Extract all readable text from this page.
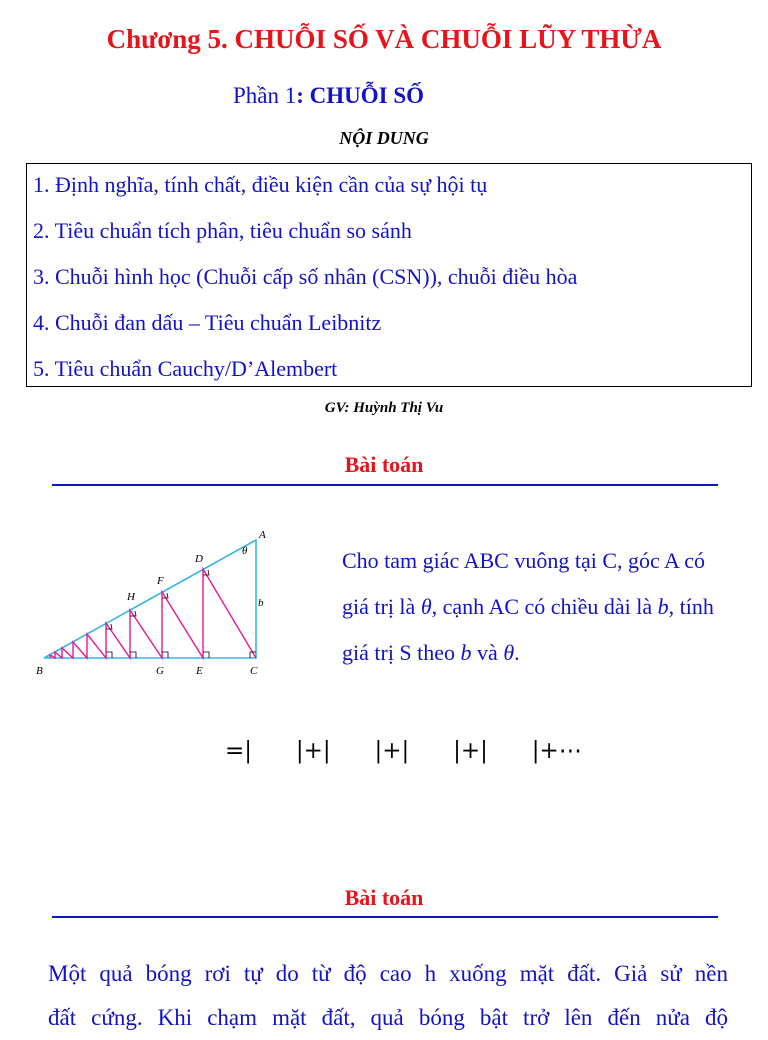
Chương 5. CHUỖI SỐ VÀ CHUỖI LŨY THỪA
Phần 1: CHUỖI SỐ
NỘI DUNG
1. Định nghĩa, tính chất, điều kiện cần của sự hội tụ
2. Tiêu chuẩn tích phân, tiêu chuẩn so sánh
3. Chuỗi hình học (Chuỗi cấp số nhân (CSN)), chuỗi điều hòa
4. Chuỗi đan dấu – Tiêu chuẩn Leibnitz
5. Tiêu chuẩn Cauchy/D’Alembert
GV: Huỳnh Thị Vu
Bài toán
A
B	C
D
E
F
G
H
θ
b
Cho tam giác ABC vuông tại C, góc A có giá trị là θ, cạnh AC có chiều dài là b, tính giá trị S theo b và θ.
=|      |+|      |+|      |+|      |+⋯
Bài toán
Một quả bóng rơi tự do từ độ cao h xuống mặt đất. Giả sử nền
đất cứng. Khi chạm mặt đất, quả bóng bật trở lên đến nửa độ
